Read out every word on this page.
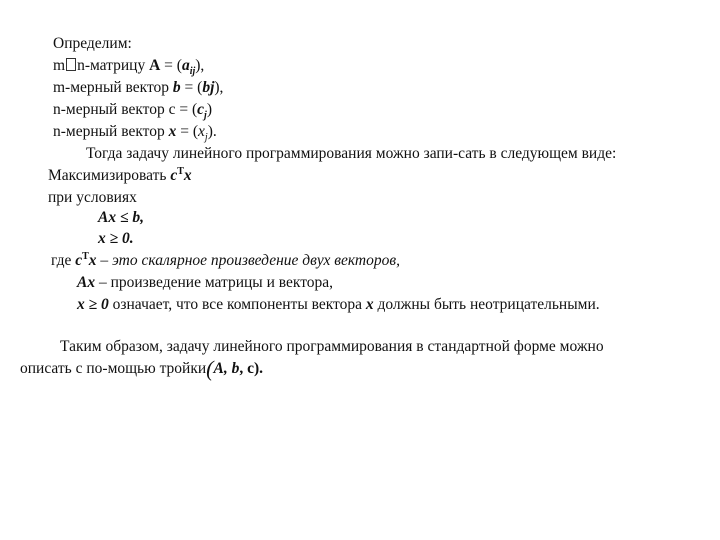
Определим:
m n-матрицу $A = (a_{ij})$,
m-мерный вектор b = (bj),
n-мерный вектор $c = (c_j)$
n-мерный вектор $x = (x_j)$.
Тогда задачу линейного программирования можно запи-сать в следующем виде:
Максимизировать $c^Tx$
при условиях
Ax ≤ b,
x ≥ 0.
где $c^Tx$ – это скалярное произведение двух векторов,
Ax – произведение матрицы и вектора,
x ≥ 0 означает, что все компоненты вектора x должны быть неотрицательными.
Таким образом, задачу линейного программирования в стандартной форме можно
описать с по-мощью тройки(A, b, c).
